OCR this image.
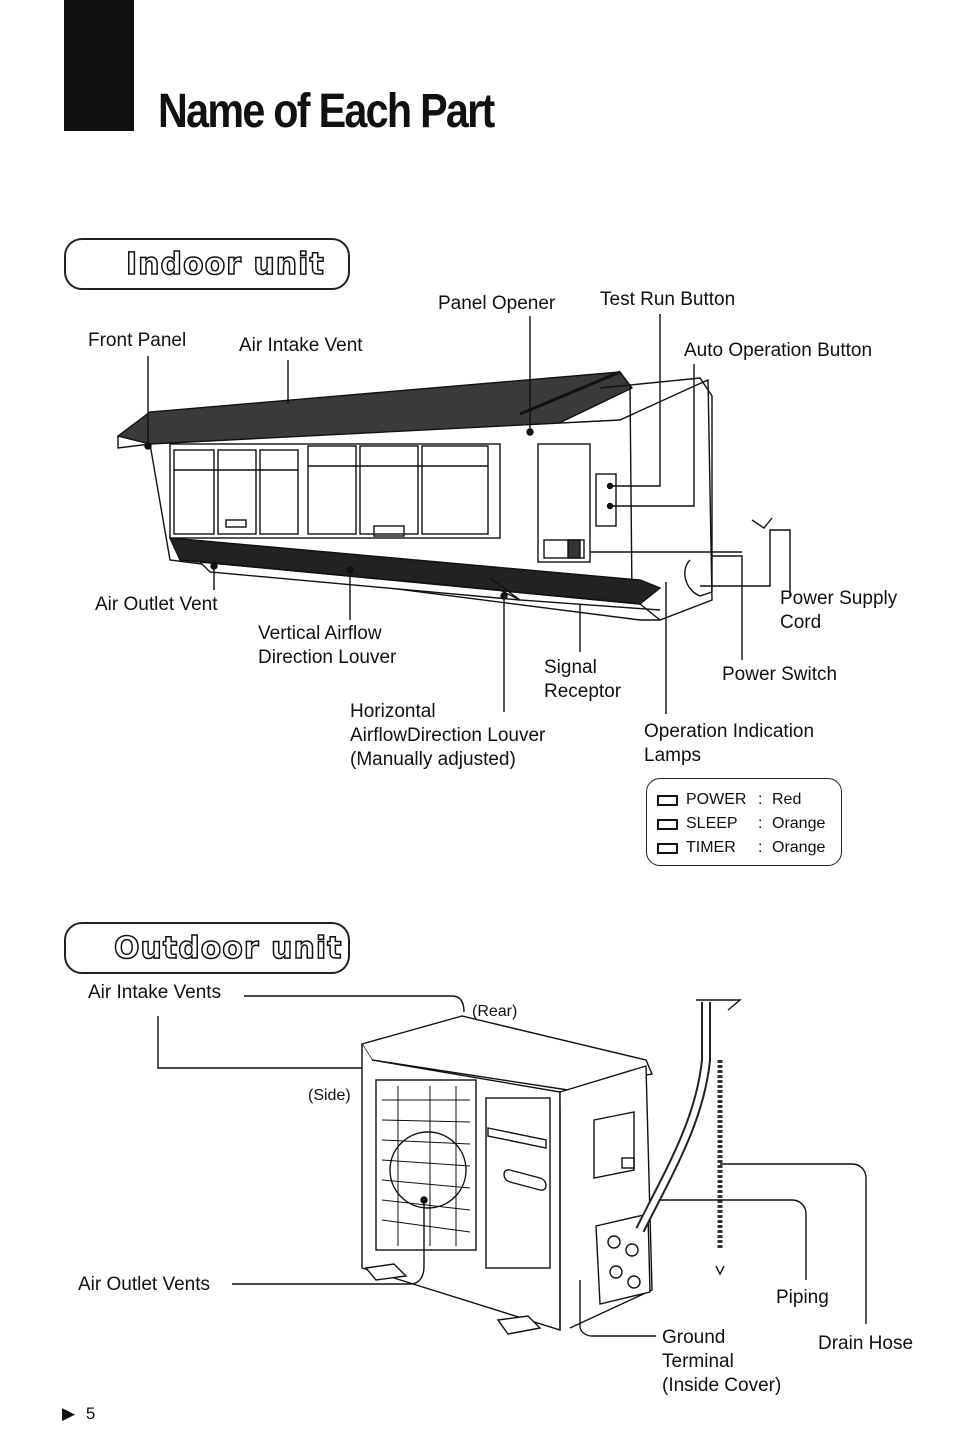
Name of Each Part
Indoor unit
Panel Opener Test Run Button
Front Panel	Air Intake Vent	Auto Operation Button
Air Outlet Vent
Vertical Airflow
Direction Louver
Power Supply
Cord
Signal
Receptor
Power Switch
Horizontal
AirflowDirection Louver
(Manually adjusted)
Operation Indication
Lamps
POWER : Red
SLEEP	: Orange
TIMER	: Orange
Outdoor unit
Air Intake Vents
(Rear)
(Side)
Air Outlet Vents
Piping
Drain Hose
Ground
Terminal
(Inside Cover)
▶ 5
